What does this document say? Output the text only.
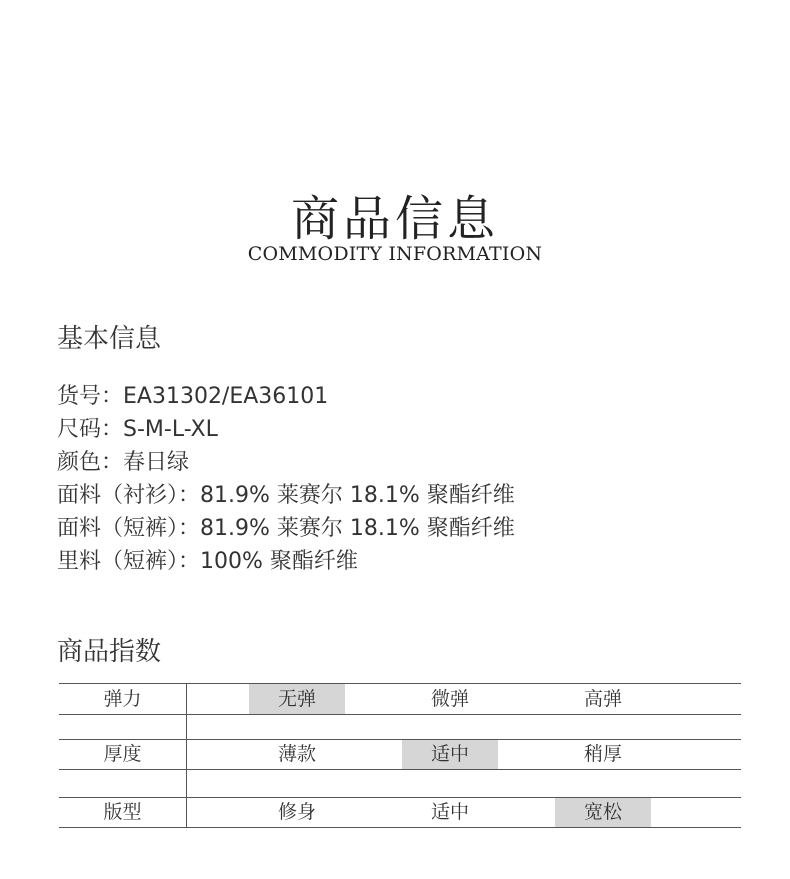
商品信息
COMMODITY INFORMATION
基本信息
货号：EA31302/EA36101
尺码：S-M-L-XL
颜色：春日绿
面料（衬衫）：81.9% 莱赛尔 18.1% 聚酯纤维
面料（短裤）：81.9% 莱赛尔 18.1% 聚酯纤维
里料（短裤）：100% 聚酯纤维
商品指数
弹力	无弹	微弹	高弹
厚度	薄款	适中	稍厚
版型	修身	适中	宽松
